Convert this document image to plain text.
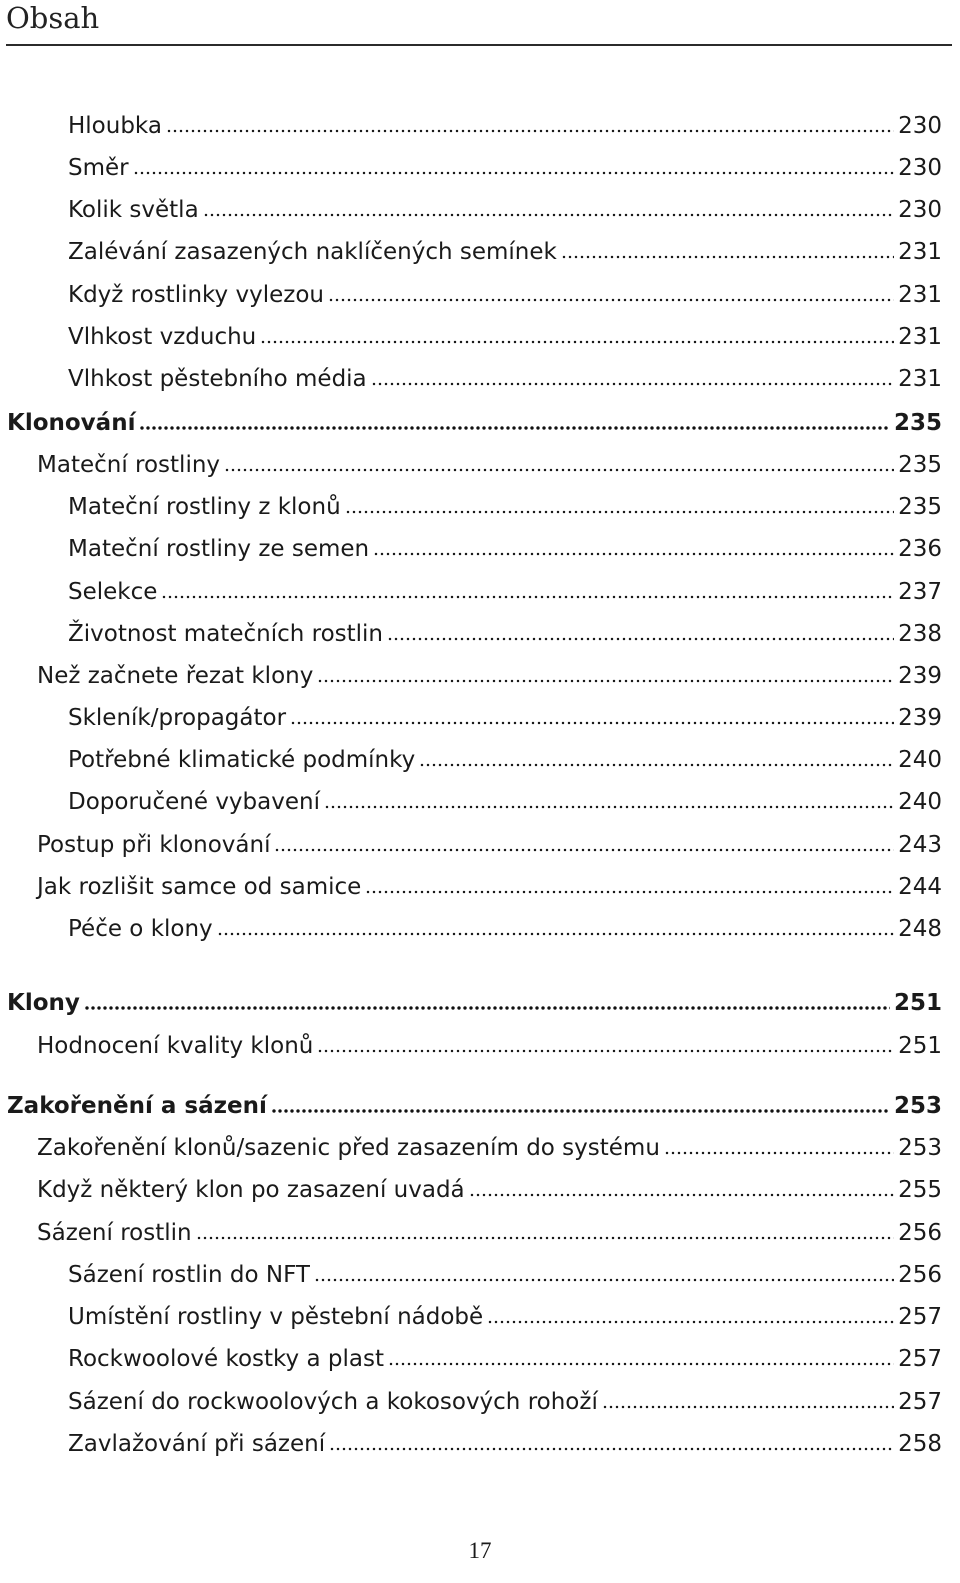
Obsah
Hloubka	230
Směr	230
Kolik světla	230
Zalévání zasazených naklíčených semínek	231
Když rostlinky vylezou	231
Vlhkost vzduchu	231
Vlhkost pěstebního média	231
Klonování	235
Mateční rostliny	235
Mateční rostliny z klonů	235
Mateční rostliny ze semen	236
Selekce	237
Životnost matečních rostlin	238
Než začnete řezat klony	239
Skleník/propagátor	239
Potřebné klimatické podmínky	240
Doporučené vybavení	240
Postup při klonování	243
Jak rozlišit samce od samice	244
Péče o klony	248
Klony	251
Hodnocení kvality klonů	251
Zakořenění a sázení	253
Zakořenění klonů/sazenic před zasazením do systému	253
Když některý klon po zasazení uvadá	255
Sázení rostlin	256
Sázení rostlin do NFT	256
Umístění rostliny v pěstební nádobě	257
Rockwoolové kostky a plast	257
Sázení do rockwoolových a kokosových rohoží	257
Zavlažování při sázení	258
17
